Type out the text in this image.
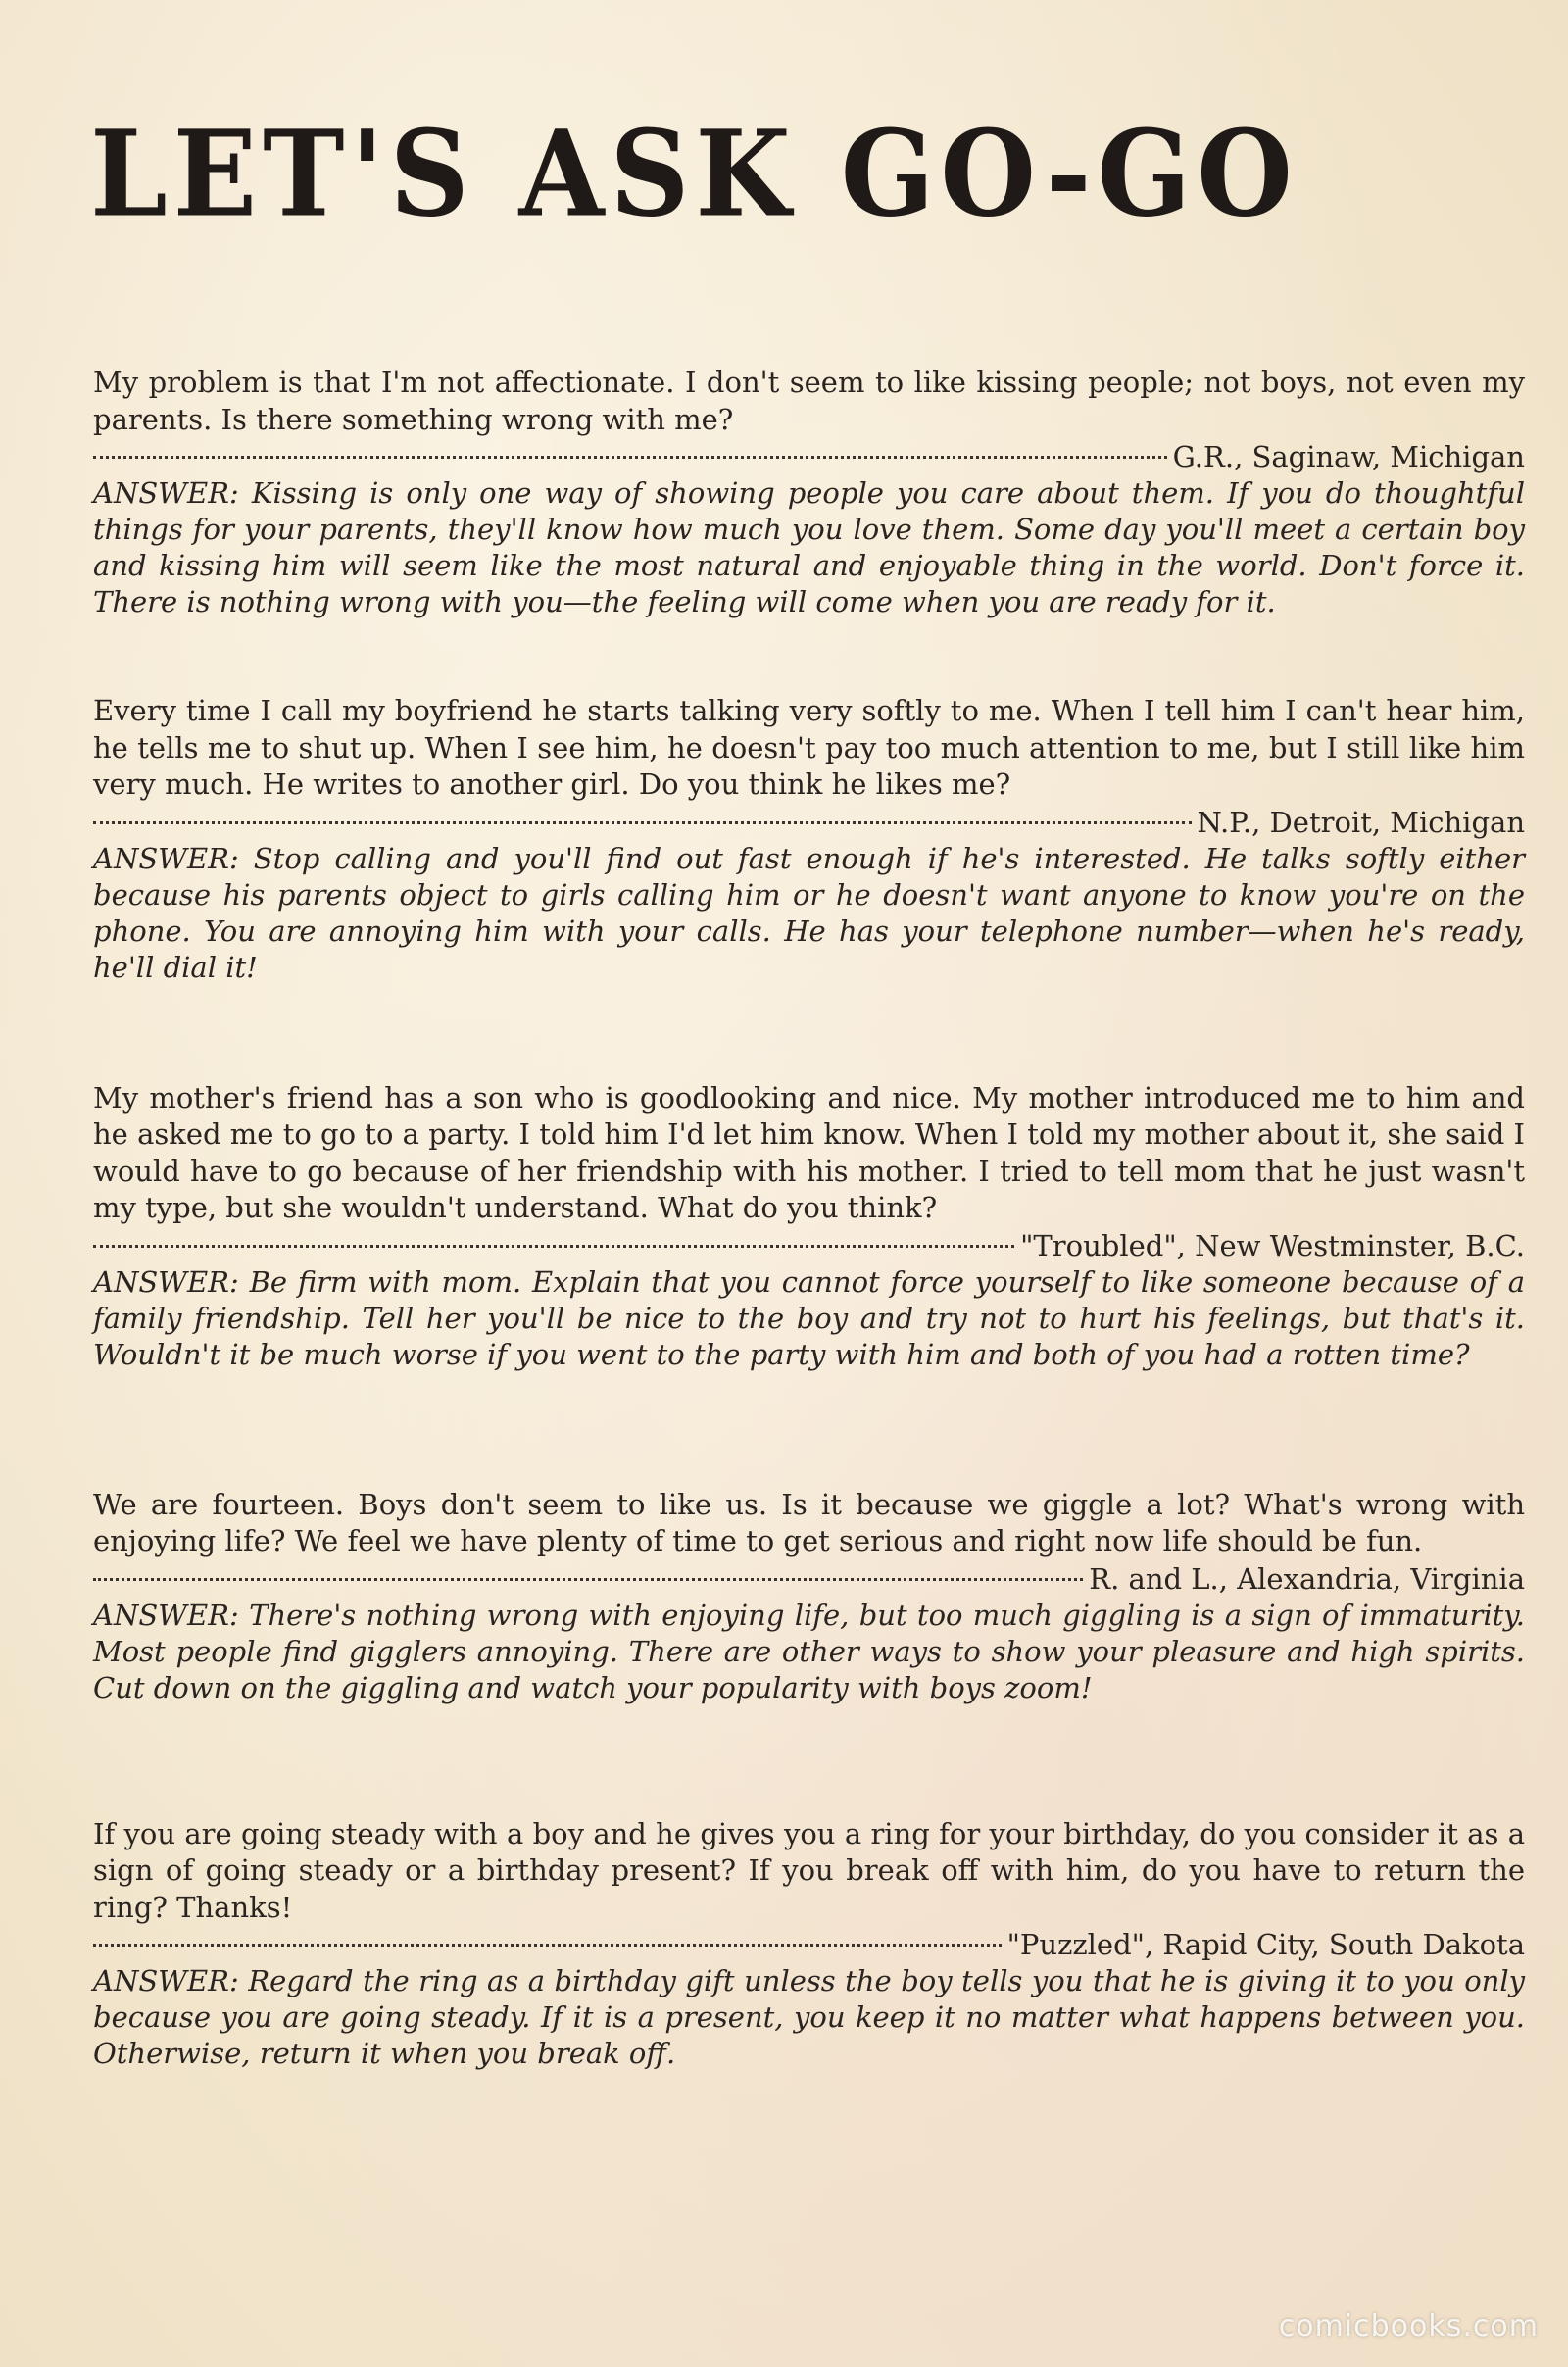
LET'S ASK GO-GO

My problem is that I'm not affectionate. I don't seem to like kissing people; not boys, not even my parents. Is there something wrong with me?

G.R., Saginaw, Michigan

ANSWER: Kissing is only one way of showing people you care about them. If you do thoughtful things for your parents, they'll know how much you love them. Some day you'll meet a certain boy and kissing him will seem like the most natural and enjoyable thing in the world. Don't force it. There is nothing wrong with you—the feeling will come when you are ready for it.

Every time I call my boyfriend he starts talking very softly to me. When I tell him I can't hear him, he tells me to shut up. When I see him, he doesn't pay too much attention to me, but I still like him very much. He writes to another girl. Do you think he likes me?

N.P., Detroit, Michigan

ANSWER: Stop calling and you'll find out fast enough if he's interested. He talks softly either because his parents object to girls calling him or he doesn't want anyone to know you're on the phone. You are annoying him with your calls. He has your telephone number—when he's ready, he'll dial it!

My mother's friend has a son who is goodlooking and nice. My mother introduced me to him and he asked me to go to a party. I told him I'd let him know. When I told my mother about it, she said I would have to go because of her friendship with his mother. I tried to tell mom that he just wasn't my type, but she wouldn't understand. What do you think?

"Troubled", New Westminster, B.C.

ANSWER: Be firm with mom. Explain that you cannot force yourself to like someone because of a family friendship. Tell her you'll be nice to the boy and try not to hurt his feelings, but that's it. Wouldn't it be much worse if you went to the party with him and both of you had a rotten time?

We are fourteen. Boys don't seem to like us. Is it because we giggle a lot? What's wrong with enjoying life? We feel we have plenty of time to get serious and right now life should be fun.

R. and L., Alexandria, Virginia

ANSWER: There's nothing wrong with enjoying life, but too much giggling is a sign of immaturity. Most people find gigglers annoying. There are other ways to show your pleasure and high spirits. Cut down on the giggling and watch your popularity with boys zoom!

If you are going steady with a boy and he gives you a ring for your birthday, do you consider it as a sign of going steady or a birthday present? If you break off with him, do you have to return the ring? Thanks!

"Puzzled", Rapid City, South Dakota

ANSWER: Regard the ring as a birthday gift unless the boy tells you that he is giving it to you only because you are going steady. If it is a present, you keep it no matter what happens between you. Otherwise, return it when you break off.

comicbooks.com
